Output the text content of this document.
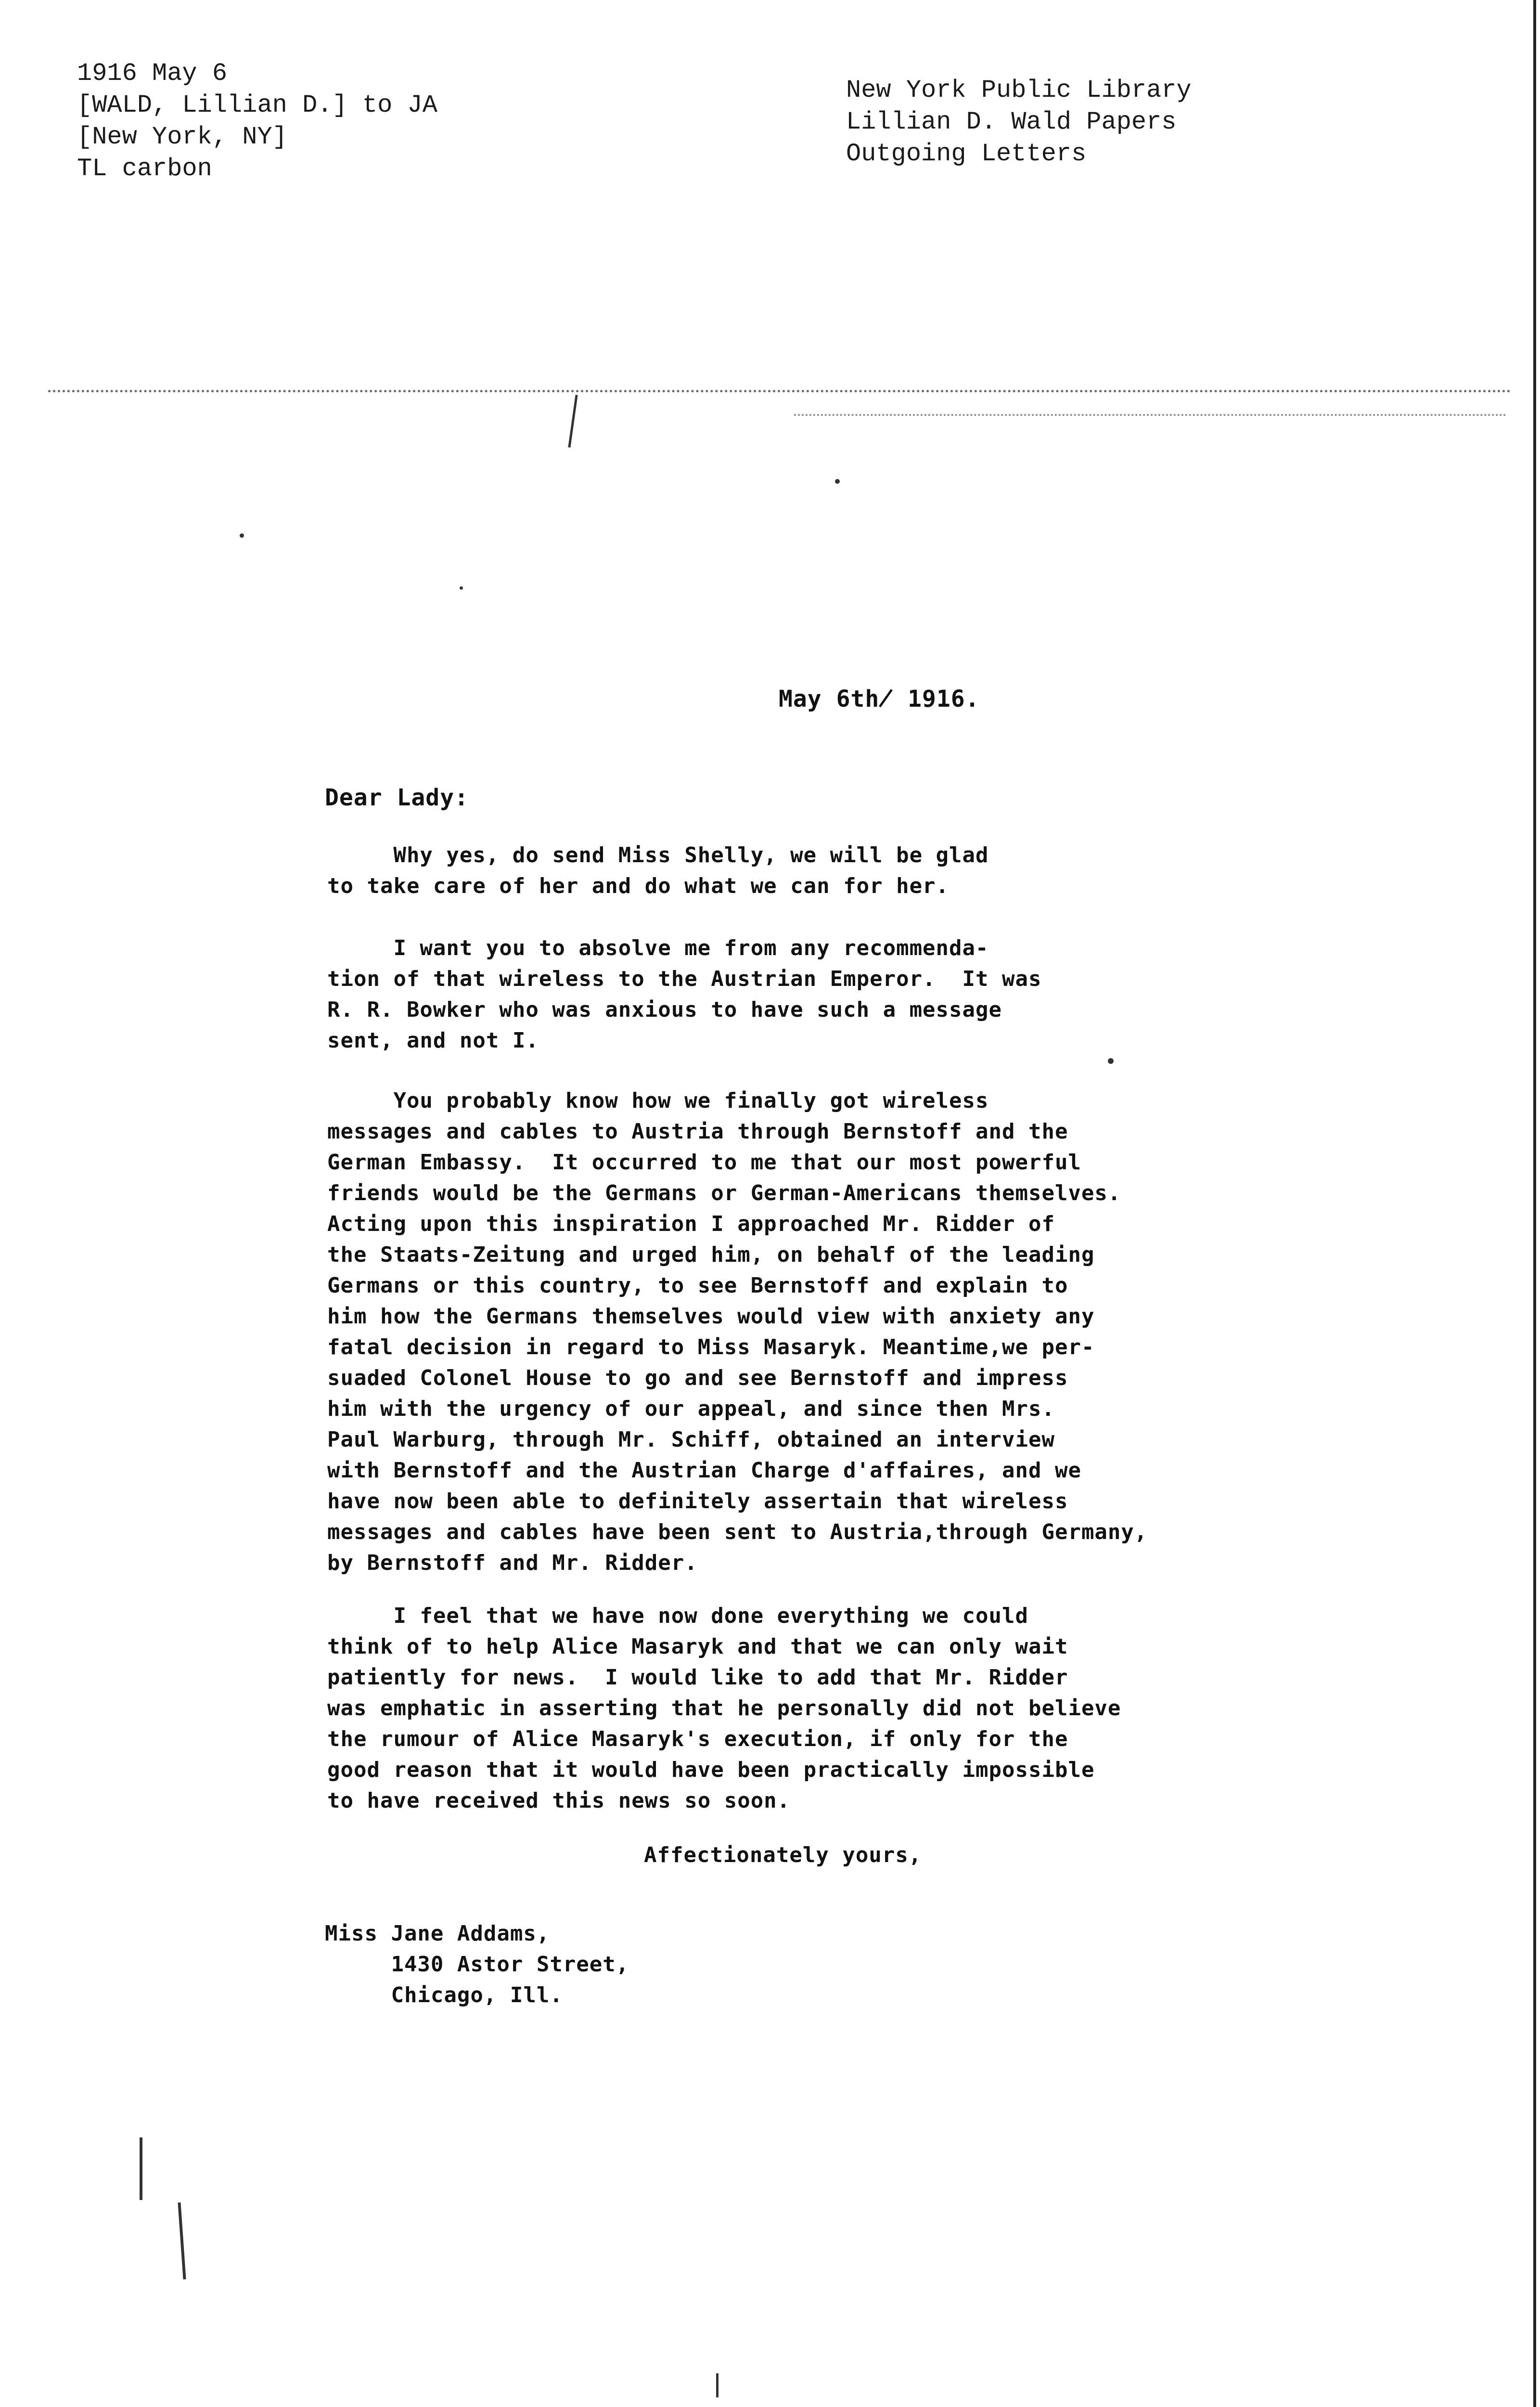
1916 May 6
[WALD, Lillian D.] to JA
[New York, NY]
TL carbon
New York Public Library
Lillian D. Wald Papers
Outgoing Letters
May 6th̸ 1916.
Dear Lady:
Why yes, do send Miss Shelly, we will be glad
to take care of her and do what we can for her.
I want you to absolve me from any recommenda-
tion of that wireless to the Austrian Emperor.  It was
R. R. Bowker who was anxious to have such a message
sent, and not I.
You probably know how we finally got wireless
messages and cables to Austria through Bernstoff and the
German Embassy.  It occurred to me that our most powerful
friends would be the Germans or German-Americans themselves.
Acting upon this inspiration I approached Mr. Ridder of
the Staats-Zeitung and urged him, on behalf of the leading
Germans or this country, to see Bernstoff and explain to
him how the Germans themselves would view with anxiety any
fatal decision in regard to Miss Masaryk. Meantime,we per-
suaded Colonel House to go and see Bernstoff and impress
him with the urgency of our appeal, and since then Mrs.
Paul Warburg, through Mr. Schiff, obtained an interview
with Bernstoff and the Austrian Charge d'affaires, and we
have now been able to definitely assertain that wireless
messages and cables have been sent to Austria,through Germany,
by Bernstoff and Mr. Ridder.
I feel that we have now done everything we could
think of to help Alice Masaryk and that we can only wait
patiently for news.  I would like to add that Mr. Ridder
was emphatic in asserting that he personally did not believe
the rumour of Alice Masaryk's execution, if only for the
good reason that it would have been practically impossible
to have received this news so soon.
Affectionately yours,
Miss Jane Addams,
1430 Astor Street,
Chicago, Ill.
